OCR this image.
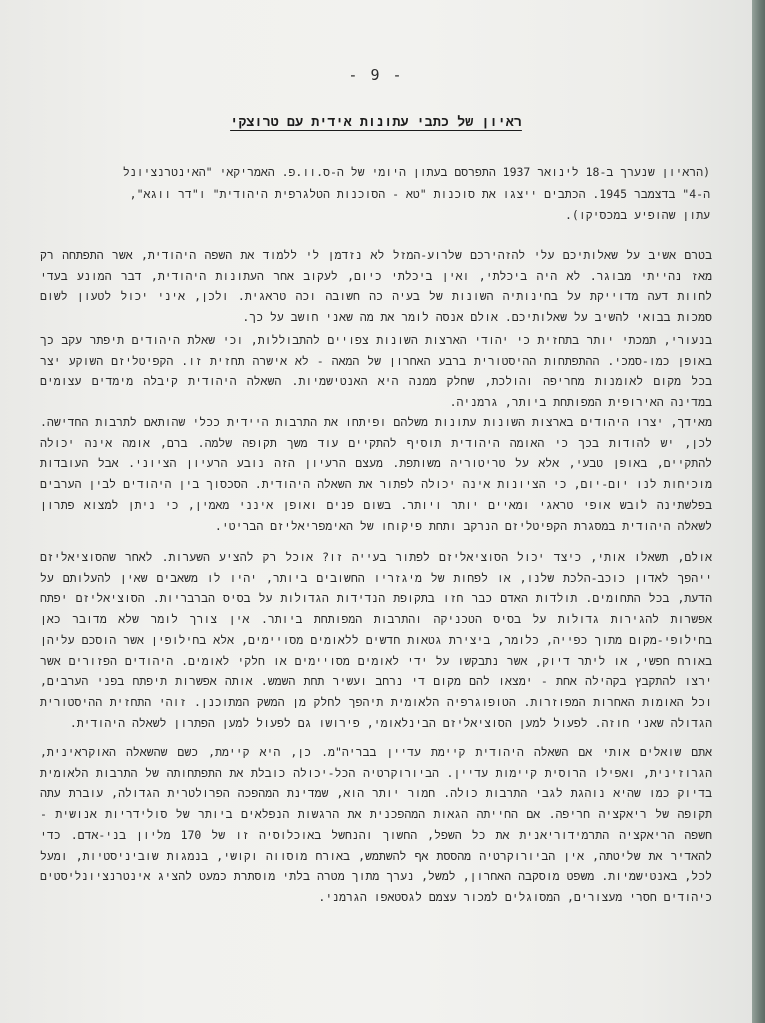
- 9 -
ראיון של כתבי עתונות אידית עם טרוצקי
(הראיון שנערך ב-18 לינואר 1937 התפרסם בעתון היומי של ה-ס.וו.פ. האמריקאי "האינטרנציונל ה-4" בדצמבר 1945. הכתבים ייצגו את סוכנות "טא - הסוכנות הטלגרפית היהודית" ו"דר ווגא", עתון שהופיע במכסיקו).

בטרם אשיב על שאלותיכם עלי להזהירכם שלרוע-המזל לא נזדמן לי ללמוד את השפה היהודית, אשר התפתחה רק מאז נהייתי מבוגר. לא היה ביכלתי, ואין ביכלתי כיום, לעקוב אחר העתונות היהודית, דבר המונע בעדי לחוות דעה מדוייקת על בחינותיה השונות של בעיה כה חשובה וכה טראגית. ולכן, איני יכול לטעון לשום סמכות בבואי להשיב על שאלותיכם. אולם אנסה לומר את מה שאני חושב על כך.

בנעורי, תמכתי יותר בתחזית כי יהודי הארצות השונות צפויים להתבוללות, וכי שאלת היהודים תיפתר עקב כך באופן כמו-סמכי. ההתפתחות ההיסטורית ברבע האחרון של המאה - לא אישרה תחזית זו. הקפיטליזם השוקע יצר בכל מקום לאומנות מחריפה והולכת, שחלק ממנה היא האנטישמיות. השאלה היהודית קיבלה מימדים עצומים במדינה האירופית המפותחת ביותר, גרמניה.

מאידך, יצרו היהודים בארצות השונות עתונות משלהם ופיתחו את התרבות היידית ככלי שהותאם לתרבות החדישה. לכן, יש להודות בכך כי האומה היהודית תוסיף להתקיים עוד משך תקופה שלמה. ברם, אומה אינה יכולה להתקיים, באופן טבעי, אלא על טריטוריה משותפת. מעצם הרעיון הזה נובע הרעיון הציוני. אבל העובדות מוכיחות לנו יום-יום, כי הציונות אינה יכולה לפתור את השאלה היהודית. הסכסוך בין היהודים לבין הערבים בפלשתינה לובש אופי טראגי ומאיים יותר ויותר. בשום פנים ואופן אינני מאמין, כי ניתן למצוא פתרון לשאלה היהודית במסגרת הקפיטליזם הנרקב ותחת פיקוחו של האימפריאליזם הבריטי.

אולם, תשאלו אותי, כיצד יכול הסוציאליזם לפתור בעייה זו? אוכל רק להציע השערות. לאחר שהסוציאליזם ייהפך לאדון כוכב-הלכת שלנו, או לפחות של מיגזריו החשובים ביותר, יהיו לו משאבים שאין להעלותם על הדעת, בכל התחומים. תולדות האדם כבר חזו בתקופת הנדידות הגדולות על בסיס הברבריות. הסוציאליזם יפתח אפשרות להגירות גדולות על בסיס הטכניקה והתרבות המפותחת ביותר. אין צורך לומר שלא מדובר כאן בחילופי-מקום מתוך כפייה, כלומר, ביצירת גטאות חדשים ללאומים מסויימים, אלא בחילופין אשר הוסכם עליהן באורח חפשי, או ליתר דיוק, אשר נתבקשו על ידי לאומים מסויימים או חלקי לאומים. היהודים הפזורים אשר ירצו להתקבץ בקהילה אחת - ימצאו להם מקום די נרחב ועשיר תחת השמש. אותה אפשרות תיפתח בפני הערבים, וכל האומות האחרות המפוזרות. הטופוגרפיה הלאומית תיהפך לחלק מן המשק המתוכנן. זוהי התחזית ההיסטורית הגדולה שאני חוזה. לפעול למען הסוציאליזם הבינלאומי, פירושו גם לפעול למען הפתרון לשאלה היהודית.

אתם שואלים אותי אם השאלה היהודית קיימת עדיין בבריה"מ. כן, היא קיימת, כשם שהשאלה האוקראינית, הגרוזינית, ואפילו הרוסית קיימות עדיין. הביורוקרטיה הכל-יכולה כובלת את התפתחותה של התרבות הלאומית בדיוק כמו שהיא נוהגת לגבי התרבות כולה. חמור יותר הוא, שמדינת המהפכה הפרולטרית הגדולה, עוברת עתה תקופה של ריאקציה חריפה. אם החייתה הגאות המהפכנית את הרגשות הנפלאים ביותר של סולידריות אנושית - חשפה הריאקציה התרמידוריאנית את כל השפל, החשוך והנחשל באוכלוסיה זו של 170 מליון בני-אדם. כדי להאדיר את שליטתה, אין הביורוקרטיה מהססת אף להשתמש, באורח מוסווה וקושי, בנמגות שוביניסטיות, ומעל לכל, באנטישמיות. משפט מוסקבה האחרון, למשל, נערך מתוך מטרה בלתי מוסתרת כמעט להציג אינטרנציונליסטים כיהודים חסרי מעצורים, המסוגלים למכור עצמם לגסטאפו הגרמני.
